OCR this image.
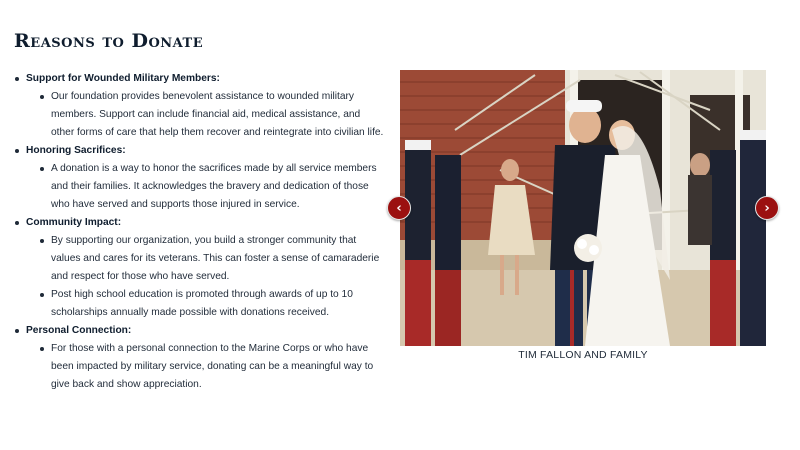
Reasons to Donate
Support for Wounded Military Members:
Our foundation provides benevolent assistance to wounded military members. Support can include financial aid, medical assistance, and other forms of care that help them recover and reintegrate into civilian life.
Honoring Sacrifices:
A donation is a way to honor the sacrifices made by all service members and their families. It acknowledges the bravery and dedication of those who have served and supports those injured in service.
Community Impact:
By supporting our organization, you build a stronger community that values and cares for its veterans. This can foster a sense of camaraderie and respect for those who have served.
Post high school education is promoted through awards of up to 10 scholarships annually made possible with donations received.
Personal Connection:
For those with a personal connection to the Marine Corps or who have been impacted by military service, donating can be a meaningful way to give back and show appreciation.
‹	›
TIM FALLON AND FAMILY
